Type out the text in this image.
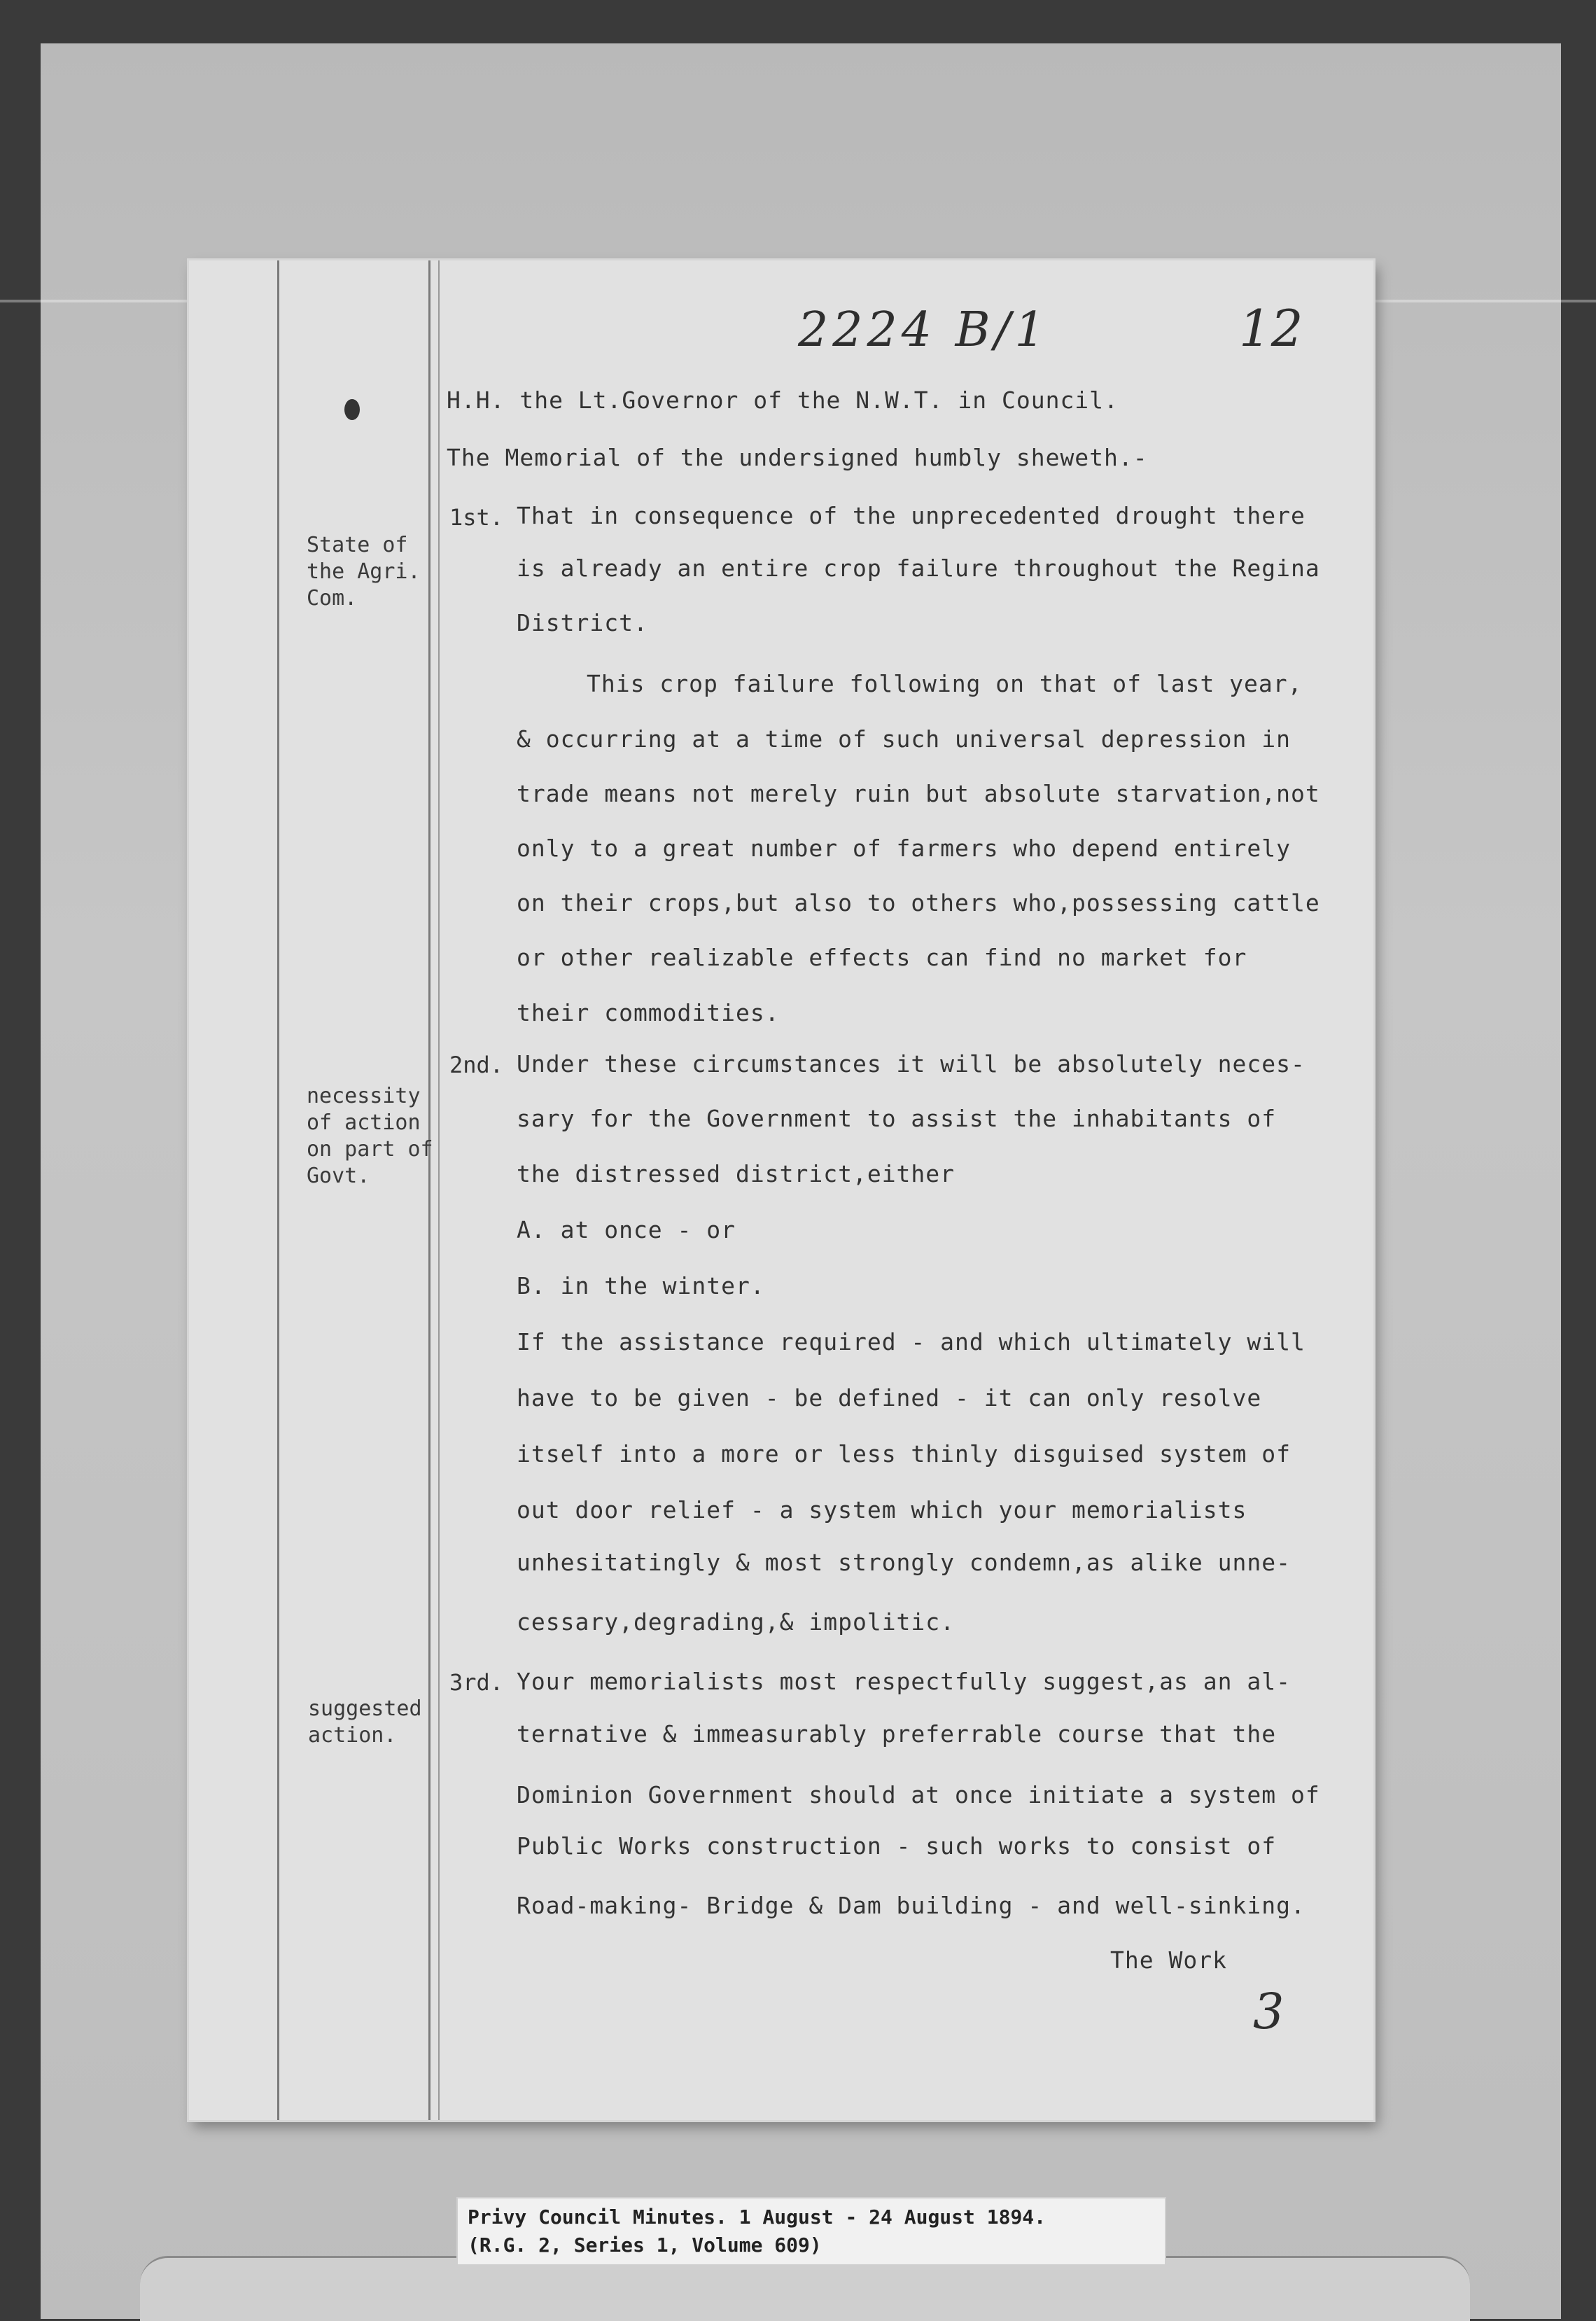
2224 B/1	12
State of
the Agri.
Com.
necessity
of action
on part of
Govt.
suggested
action.
1st.
2nd.
3rd.
H.H. the Lt.Governor of the N.W.T. in Council.
The Memorial of the undersigned humbly sheweth.-
That in consequence of the unprecedented drought there
is already an entire crop failure throughout the Regina
District.
This crop failure following on that of last year,
& occurring at a time of such universal depression in
trade means not merely ruin but absolute starvation,not
only to a great number of farmers who depend entirely
on their crops,but also to others who,possessing cattle
or other realizable effects can find no market for
their commodities.
Under these circumstances it will be absolutely neces-
sary for the Government to assist the inhabitants of
the distressed district,either
A. at once - or
B. in the winter.
If the assistance required - and which ultimately will
have to be given - be defined - it can only resolve
itself into a more or less thinly disguised system of
out door relief - a system which your memorialists
unhesitatingly & most strongly condemn,as alike unne-
cessary,degrading,& impolitic.
Your memorialists most respectfully suggest,as an al-
ternative & immeasurably preferrable course that the
Dominion Government should at once initiate a system of
Public Works construction - such works to consist of
Road-making- Bridge & Dam building - and well-sinking.
The Work
3
Privy Council Minutes. 1 August - 24 August 1894.
(R.G. 2, Series 1, Volume 609)
